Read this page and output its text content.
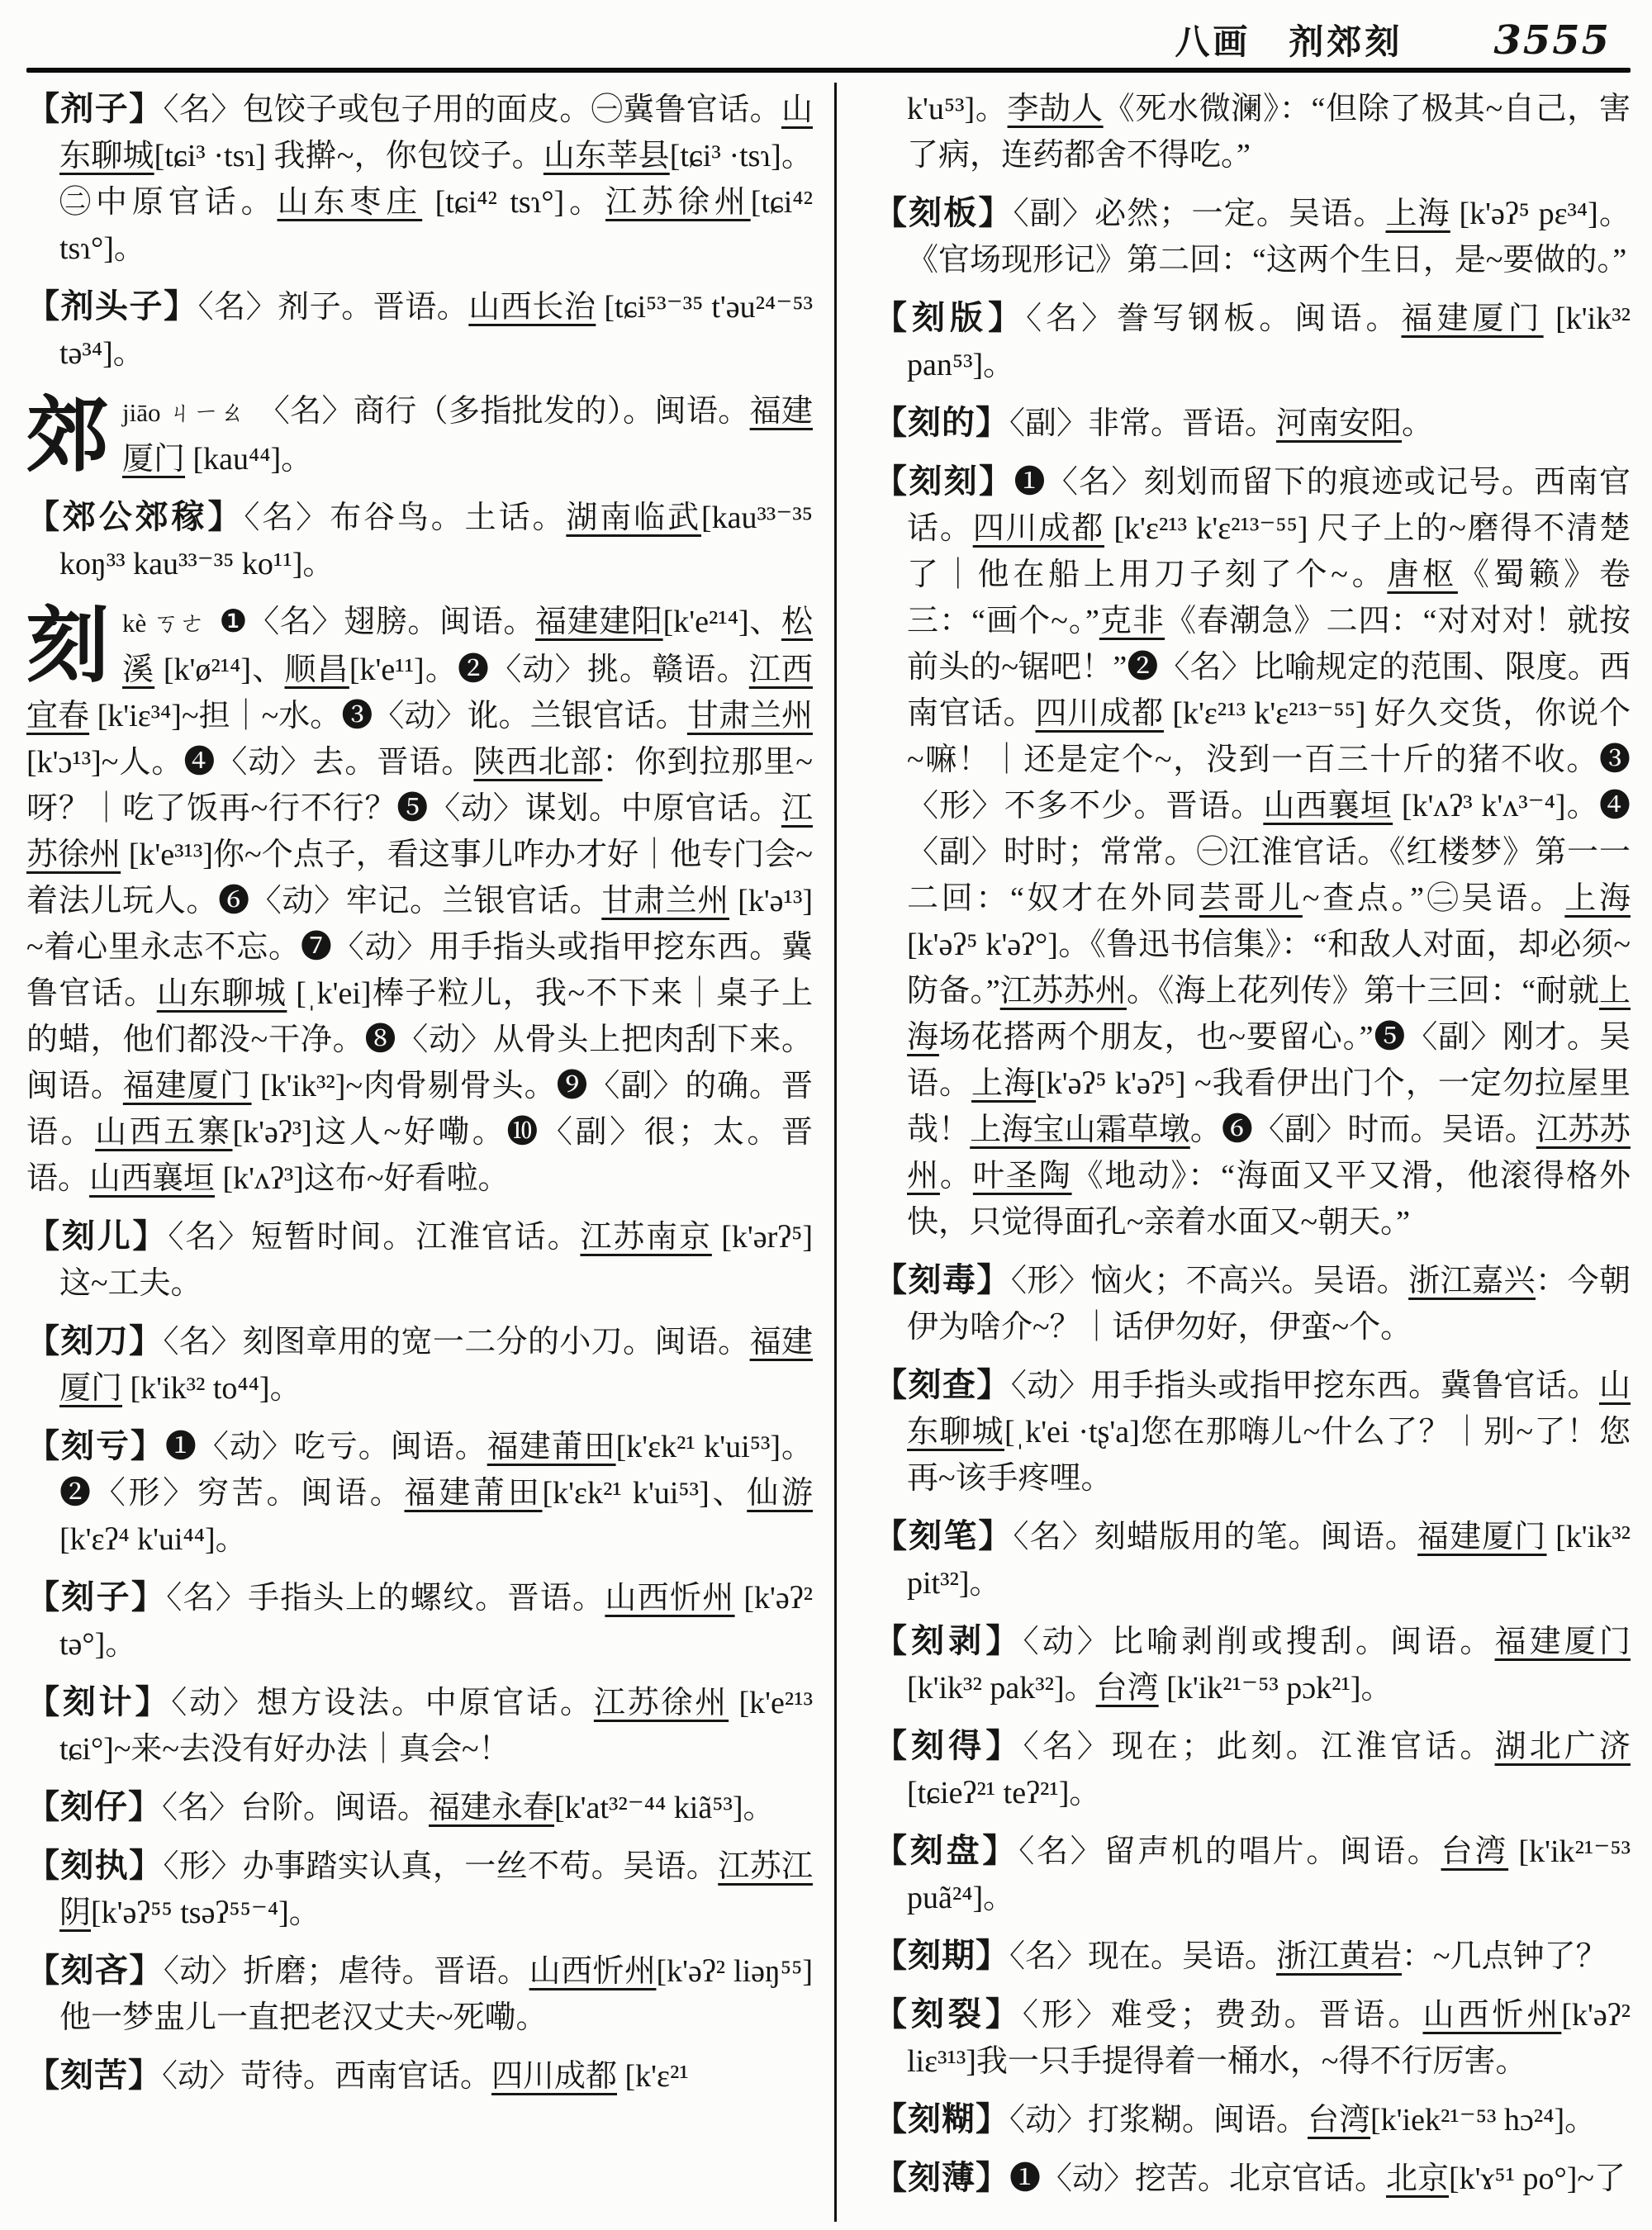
八画 剂郊刻 3555

【剂子】〈名〉包饺子或包子用的面皮。㊀冀鲁官话。山东聊城[tɕi³ ·tsɿ] 我擀~，你包饺子。山东莘县[tɕi³ ·tsɿ]。㊁中原官话。山东枣庄 [tɕi⁴² tsɿ°]。江苏徐州[tɕi⁴² tsɿ°]。

【剂头子】〈名〉剂子。晋语。山西长治 [tɕi⁵³⁻³⁵ t'əu²⁴⁻⁵³ tə³⁴]。

郊jiāo ㄐㄧㄠ 〈名〉商行（多指批发的）。闽语。福建厦门 [kau⁴⁴]。

【郊公郊稼】〈名〉布谷鸟。土话。湖南临武[kau³³⁻³⁵ koŋ³³ kau³³⁻³⁵ ko¹¹]。

刻kè ㄎㄜ ❶〈名〉翅膀。闽语。福建建阳[k'e²¹⁴]、松溪 [k'ø²¹⁴]、顺昌[k'e¹¹]。❷〈动〉挑。赣语。江西宜春 [k'iɛ³⁴]~担｜~水。❸〈动〉讹。兰银官话。甘肃兰州 [k'ɔ¹³]~人。❹〈动〉去。晋语。陕西北部：你到拉那里~呀？｜吃了饭再~行不行？❺〈动〉谋划。中原官话。江苏徐州 [k'e³¹³]你~个点子，看这事儿咋办才好｜他专门会~着法儿玩人。❻〈动〉牢记。兰银官话。甘肃兰州 [k'ə¹³] ~着心里永志不忘。❼〈动〉用手指头或指甲挖东西。冀鲁官话。山东聊城 [ˌk'ei]棒子粒儿，我~不下来｜桌子上的蜡，他们都没~干净。❽〈动〉从骨头上把肉刮下来。闽语。福建厦门 [k'ik³²]~肉骨剔骨头。❾〈副〉的确。晋语。山西五寨[k'əʔ³]这人~好嘞。❿〈副〉很；太。晋语。山西襄垣 [k'ʌʔ³]这布~好看啦。

【刻儿】〈名〉短暂时间。江淮官话。江苏南京 [k'ərʔ⁵] 这~工夫。

【刻刀】〈名〉刻图章用的宽一二分的小刀。闽语。福建厦门 [k'ik³² to⁴⁴]。

【刻亏】❶〈动〉吃亏。闽语。福建莆田[k'ɛk²¹ k'ui⁵³]。❷〈形〉穷苦。闽语。福建莆田[k'ɛk²¹ k'ui⁵³]、仙游 [k'ɛʔ⁴ k'ui⁴⁴]。

【刻子】〈名〉手指头上的螺纹。晋语。山西忻州 [k'əʔ² tə°]。

【刻计】〈动〉想方设法。中原官话。江苏徐州 [k'e²¹³ tɕi°]~来~去没有好办法｜真会~！

【刻仔】〈名〉台阶。闽语。福建永春[k'at³²⁻⁴⁴ kiã⁵³]。

【刻执】〈形〉办事踏实认真，一丝不苟。吴语。江苏江阴[k'əʔ⁵⁵ tsəʔ⁵⁵⁻⁴]。

【刻吝】〈动〉折磨；虐待。晋语。山西忻州[k'əʔ² liəŋ⁵⁵]他一梦盅儿一直把老汉丈夫~死嘞。

【刻苦】〈动〉苛待。西南官话。四川成都 [k'ɛ²¹

k'u⁵³]。李劼人《死水微澜》：“但除了极其~自己，害了病，连药都舍不得吃。”

【刻板】〈副〉必然；一定。吴语。上海 [k'əʔ⁵ pɛ³⁴]。《官场现形记》第二回：“这两个生日，是~要做的。”

【刻版】〈名〉誊写钢板。闽语。福建厦门 [k'ik³² pan⁵³]。

【刻的】〈副〉非常。晋语。河南安阳。

【刻刻】❶〈名〉刻划而留下的痕迹或记号。西南官话。四川成都 [k'ɛ²¹³ k'ɛ²¹³⁻⁵⁵] 尺子上的~磨得不清楚了｜他在船上用刀子刻了个~。唐枢《蜀籁》卷三：“画个~。”克非《春潮急》二四：“对对对！就按前头的~锯吧！”❷〈名〉比喻规定的范围、限度。西南官话。四川成都 [k'ɛ²¹³ k'ɛ²¹³⁻⁵⁵] 好久交货，你说个~嘛！｜还是定个~，没到一百三十斤的猪不收。❸〈形〉不多不少。晋语。山西襄垣 [k'ʌʔ³ k'ʌ³⁻⁴]。❹〈副〉时时；常常。㊀江淮官话。《红楼梦》第一一二回：“奴才在外同芸哥儿~查点。”㊁吴语。上海[k'əʔ⁵ k'əʔ°]。《鲁迅书信集》：“和敌人对面，却必须~防备。”江苏苏州。《海上花列传》第十三回：“耐就上海场花搭两个朋友，也~要留心。”❺〈副〉刚才。吴语。上海[k'əʔ⁵ k'əʔ⁵] ~我看伊出门个，一定勿拉屋里哉！上海宝山霜草墩。❻〈副〉时而。吴语。江苏苏州。叶圣陶《地动》：“海面又平又滑，他滚得格外快，只觉得面孔~亲着水面又~朝天。”

【刻毒】〈形〉恼火；不高兴。吴语。浙江嘉兴：今朝伊为啥介~？｜话伊勿好，伊蛮~个。

【刻查】〈动〉用手指头或指甲挖东西。冀鲁官话。山东聊城[ˌk'ei ·tʂ'a]您在那嗨儿~什么了？｜别~了！您再~该手疼哩。

【刻笔】〈名〉刻蜡版用的笔。闽语。福建厦门 [k'ik³² pit³²]。

【刻剥】〈动〉比喻剥削或搜刮。闽语。福建厦门 [k'ik³² pak³²]。台湾 [k'ik²¹⁻⁵³ pɔk²¹]。

【刻得】〈名〉现在；此刻。江淮官话。湖北广济 [tɕieʔ²¹ teʔ²¹]。

【刻盘】〈名〉留声机的唱片。闽语。台湾 [k'ik²¹⁻⁵³ puã²⁴]。

【刻期】〈名〉现在。吴语。浙江黄岩：~几点钟了？

【刻裂】〈形〉难受；费劲。晋语。山西忻州[k'əʔ² liɛ³¹³]我一只手提得着一桶水，~得不行厉害。

【刻糊】〈动〉打浆糊。闽语。台湾[k'iek²¹⁻⁵³ hɔ²⁴]。

【刻薄】❶〈动〉挖苦。北京官话。北京[k'ɤ⁵¹ po°]~了
